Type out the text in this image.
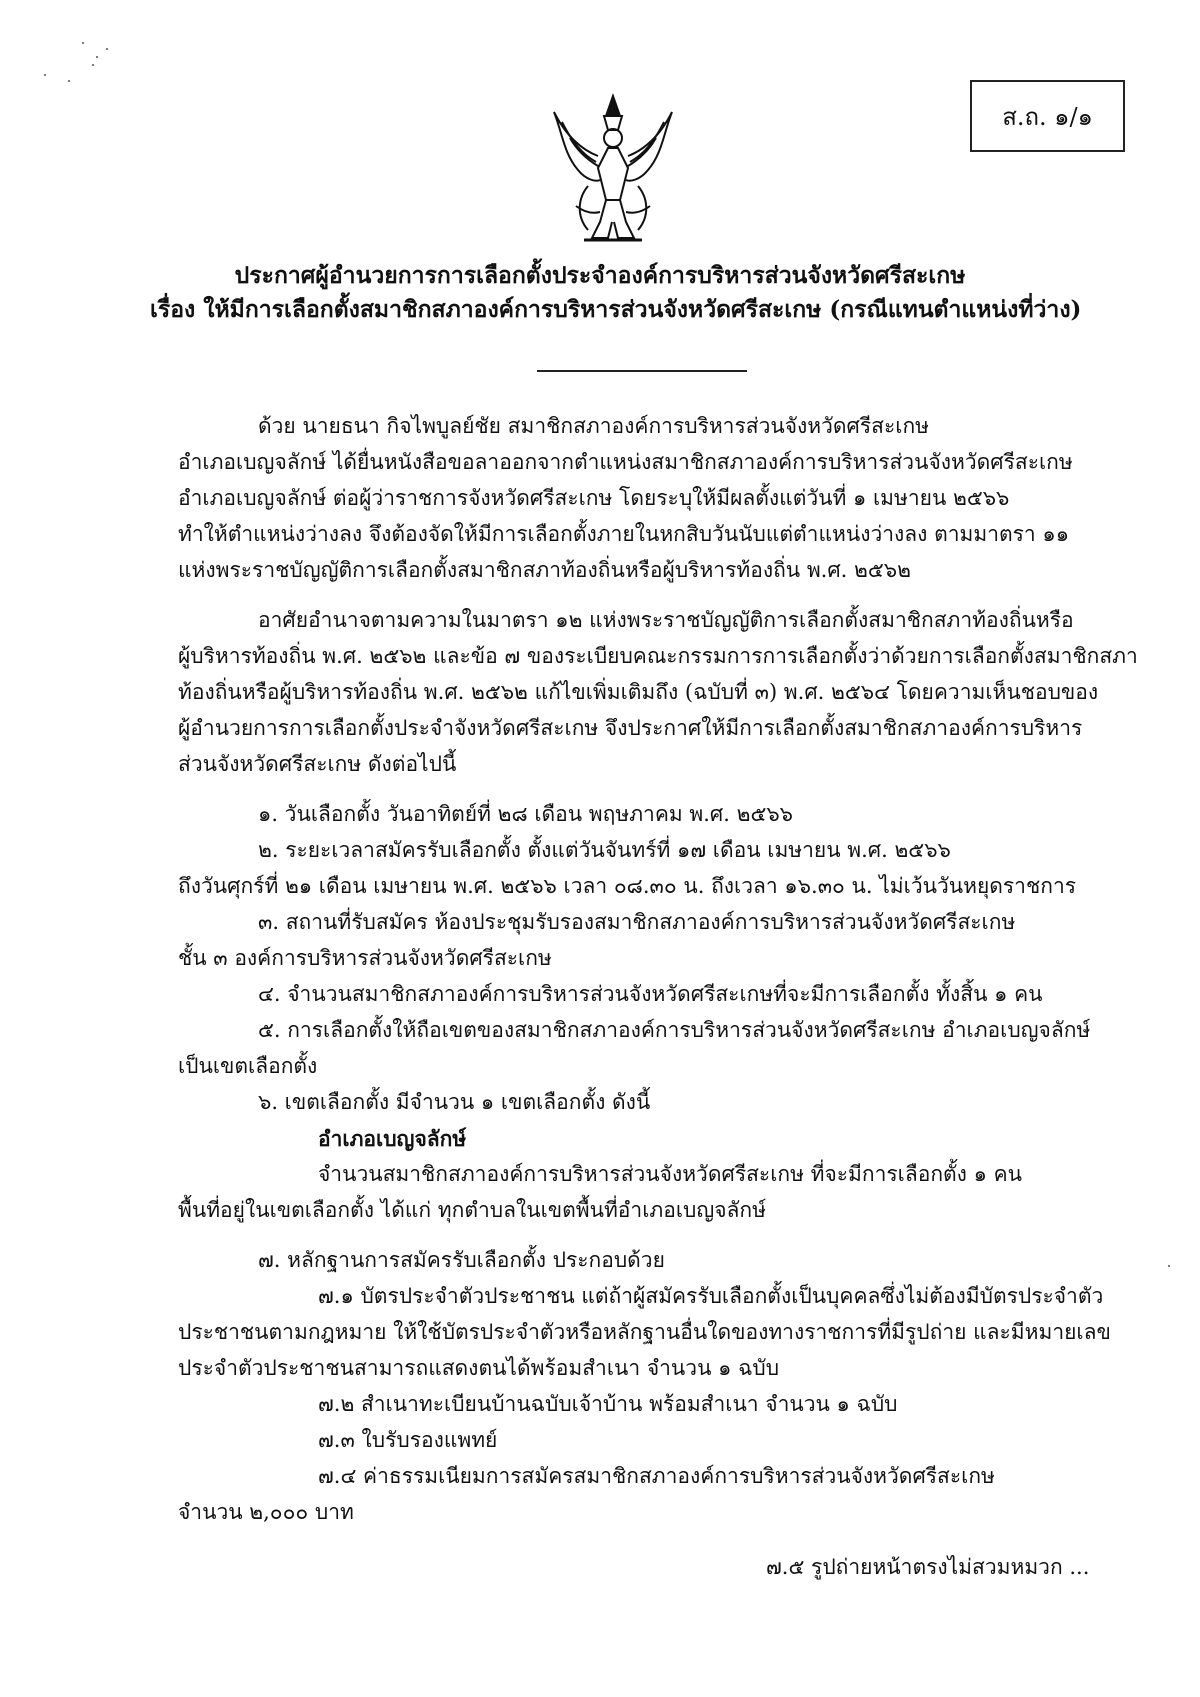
ส.ถ. ๑/๑
ประกาศผู้อำนวยการการเลือกตั้งประจำองค์การบริหารส่วนจังหวัดศรีสะเกษ
เรื่อง ให้มีการเลือกตั้งสมาชิกสภาองค์การบริหารส่วนจังหวัดศรีสะเกษ (กรณีแทนตำแหน่งที่ว่าง)
ด้วย นายธนา กิจไพบูลย์ชัย สมาชิกสภาองค์การบริหารส่วนจังหวัดศรีสะเกษ
อำเภอเบญจลักษ์ ได้ยื่นหนังสือขอลาออกจากตำแหน่งสมาชิกสภาองค์การบริหารส่วนจังหวัดศรีสะเกษ
อำเภอเบญจลักษ์ ต่อผู้ว่าราชการจังหวัดศรีสะเกษ โดยระบุให้มีผลตั้งแต่วันที่ ๑ เมษายน ๒๕๖๖
ทำให้ตำแหน่งว่างลง จึงต้องจัดให้มีการเลือกตั้งภายในหกสิบวันนับแต่ตำแหน่งว่างลง ตามมาตรา ๑๑
แห่งพระราชบัญญัติการเลือกตั้งสมาชิกสภาท้องถิ่นหรือผู้บริหารท้องถิ่น พ.ศ. ๒๕๖๒
อาศัยอำนาจตามความในมาตรา ๑๒ แห่งพระราชบัญญัติการเลือกตั้งสมาชิกสภาท้องถิ่นหรือ
ผู้บริหารท้องถิ่น พ.ศ. ๒๕๖๒ และข้อ ๗ ของระเบียบคณะกรรมการการเลือกตั้งว่าด้วยการเลือกตั้งสมาชิกสภา
ท้องถิ่นหรือผู้บริหารท้องถิ่น พ.ศ. ๒๕๖๒ แก้ไขเพิ่มเติมถึง (ฉบับที่ ๓) พ.ศ. ๒๕๖๔ โดยความเห็นชอบของ
ผู้อำนวยการการเลือกตั้งประจำจังหวัดศรีสะเกษ จึงประกาศให้มีการเลือกตั้งสมาชิกสภาองค์การบริหาร
ส่วนจังหวัดศรีสะเกษ ดังต่อไปนี้
๑. วันเลือกตั้ง วันอาทิตย์ที่ ๒๘ เดือน พฤษภาคม พ.ศ. ๒๕๖๖
๒. ระยะเวลาสมัครรับเลือกตั้ง ตั้งแต่วันจันทร์ที่ ๑๗ เดือน เมษายน พ.ศ. ๒๕๖๖
ถึงวันศุกร์ที่ ๒๑ เดือน เมษายน พ.ศ. ๒๕๖๖ เวลา ๐๘.๓๐ น. ถึงเวลา ๑๖.๓๐ น. ไม่เว้นวันหยุดราชการ
๓. สถานที่รับสมัคร ห้องประชุมรับรองสมาชิกสภาองค์การบริหารส่วนจังหวัดศรีสะเกษ
ชั้น ๓ องค์การบริหารส่วนจังหวัดศรีสะเกษ
๔. จำนวนสมาชิกสภาองค์การบริหารส่วนจังหวัดศรีสะเกษที่จะมีการเลือกตั้ง ทั้งสิ้น ๑ คน
๕. การเลือกตั้งให้ถือเขตของสมาชิกสภาองค์การบริหารส่วนจังหวัดศรีสะเกษ อำเภอเบญจลักษ์
เป็นเขตเลือกตั้ง
๖. เขตเลือกตั้ง มีจำนวน ๑ เขตเลือกตั้ง ดังนี้
อำเภอเบญจลักษ์
จำนวนสมาชิกสภาองค์การบริหารส่วนจังหวัดศรีสะเกษ ที่จะมีการเลือกตั้ง ๑ คน
พื้นที่อยู่ในเขตเลือกตั้ง ได้แก่ ทุกตำบลในเขตพื้นที่อำเภอเบญจลักษ์
๗. หลักฐานการสมัครรับเลือกตั้ง ประกอบด้วย
๗.๑ บัตรประจำตัวประชาชน แต่ถ้าผู้สมัครรับเลือกตั้งเป็นบุคคลซึ่งไม่ต้องมีบัตรประจำตัว
ประชาชนตามกฎหมาย ให้ใช้บัตรประจำตัวหรือหลักฐานอื่นใดของทางราชการที่มีรูปถ่าย และมีหมายเลข
ประจำตัวประชาชนสามารถแสดงตนได้พร้อมสำเนา จำนวน ๑ ฉบับ
๗.๒ สำเนาทะเบียนบ้านฉบับเจ้าบ้าน พร้อมสำเนา จำนวน ๑ ฉบับ
๗.๓ ใบรับรองแพทย์
๗.๔ ค่าธรรมเนียมการสมัครสมาชิกสภาองค์การบริหารส่วนจังหวัดศรีสะเกษ
จำนวน ๒,๐๐๐ บาท
๗.๕ รูปถ่ายหน้าตรงไม่สวมหมวก ...
